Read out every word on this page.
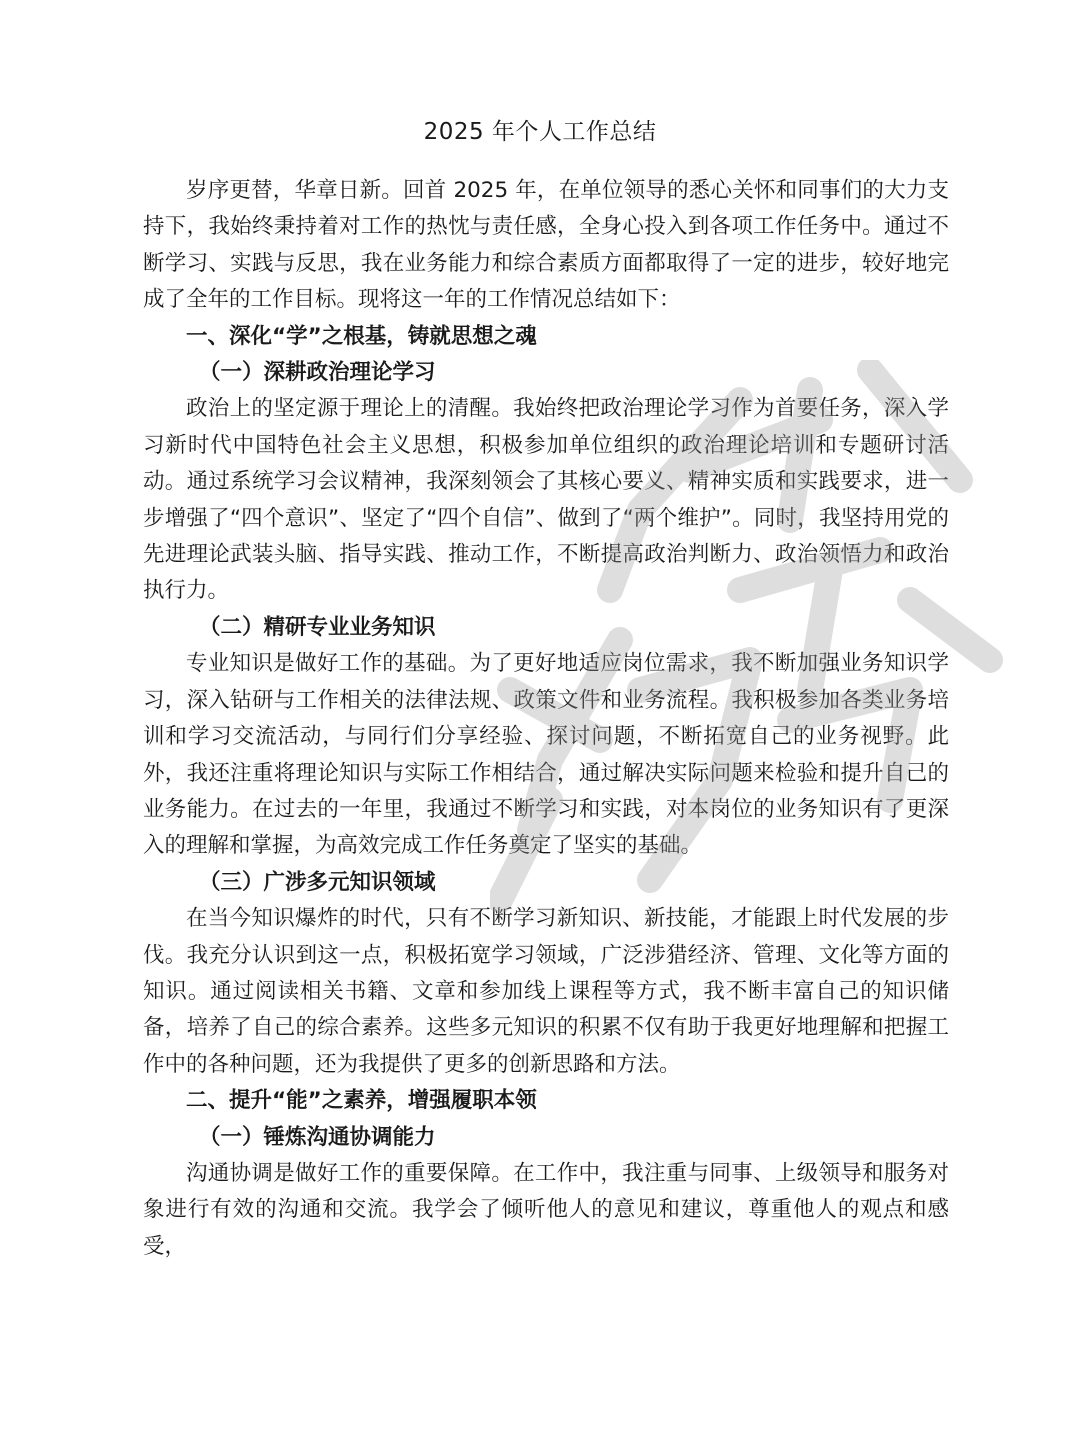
2025 年个人工作总结

岁序更替，华章日新。回首 2025 年，在单位领导的悉心关怀和同事们的大力支持下，我始终秉持着对工作的热忱与责任感，全身心投入到各项工作任务中。通过不断学习、实践与反思，我在业务能力和综合素质方面都取得了一定的进步，较好地完成了全年的工作目标。现将这一年的工作情况总结如下：

一、深化“学”之根基，铸就思想之魂
（一）深耕政治理论学习

政治上的坚定源于理论上的清醒。我始终把政治理论学习作为首要任务，深入学习新时代中国特色社会主义思想，积极参加单位组织的政治理论培训和专题研讨活动。通过系统学习会议精神，我深刻领会了其核心要义、精神实质和实践要求，进一步增强了“四个意识”、坚定了“四个自信”、做到了“两个维护”。同时，我坚持用党的先进理论武装头脑、指导实践、推动工作，不断提高政治判断力、政治领悟力和政治执行力。

（二）精研专业业务知识

专业知识是做好工作的基础。为了更好地适应岗位需求，我不断加强业务知识学习，深入钻研与工作相关的法律法规、政策文件和业务流程。我积极参加各类业务培训和学习交流活动，与同行们分享经验、探讨问题，不断拓宽自己的业务视野。此外，我还注重将理论知识与实际工作相结合，通过解决实际问题来检验和提升自己的业务能力。在过去的一年里，我通过不断学习和实践，对本岗位的业务知识有了更深入的理解和掌握，为高效完成工作任务奠定了坚实的基础。

（三）广涉多元知识领域

在当今知识爆炸的时代，只有不断学习新知识、新技能，才能跟上时代发展的步伐。我充分认识到这一点，积极拓宽学习领域，广泛涉猎经济、管理、文化等方面的知识。通过阅读相关书籍、文章和参加线上课程等方式，我不断丰富自己的知识储备，培养了自己的综合素养。这些多元知识的积累不仅有助于我更好地理解和把握工作中的各种问题，还为我提供了更多的创新思路和方法。

二、提升“能”之素养，增强履职本领
（一）锤炼沟通协调能力

沟通协调是做好工作的重要保障。在工作中，我注重与同事、上级领导和服务对象进行有效的沟通和交流。我学会了倾听他人的意见和建议，尊重他人的观点和感受，
